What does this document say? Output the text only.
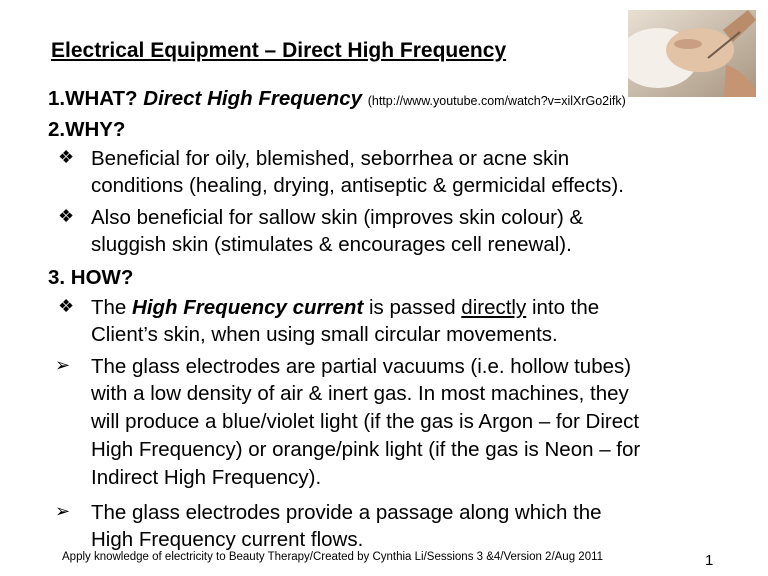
Electrical Equipment – Direct High Frequency
1.WHAT? Direct High Frequency (http://www.youtube.com/watch?v=xilXrGo2ifk)
2.WHY?
❖ Beneficial for oily, blemished, seborrhea or acne skin
conditions (healing, drying, antiseptic & germicidal effects).
❖ Also beneficial for sallow skin (improves skin colour) &
sluggish skin (stimulates & encourages cell renewal).
3. HOW?
❖ The High Frequency current is passed directly into the
Client’s skin, when using small circular movements.
➢ The glass electrodes are partial vacuums (i.e. hollow tubes)
with a low density of air & inert gas. In most machines, they
will produce a blue/violet light (if the gas is Argon – for Direct
High Frequency) or orange/pink light (if the gas is Neon – for
Indirect High Frequency).
➢ The glass electrodes provide a passage along which the
High Frequency current flows.
Apply knowledge of electricity to Beauty Therapy/Created by Cynthia Li/Sessions 3 &4/Version 2/Aug 2011	1
